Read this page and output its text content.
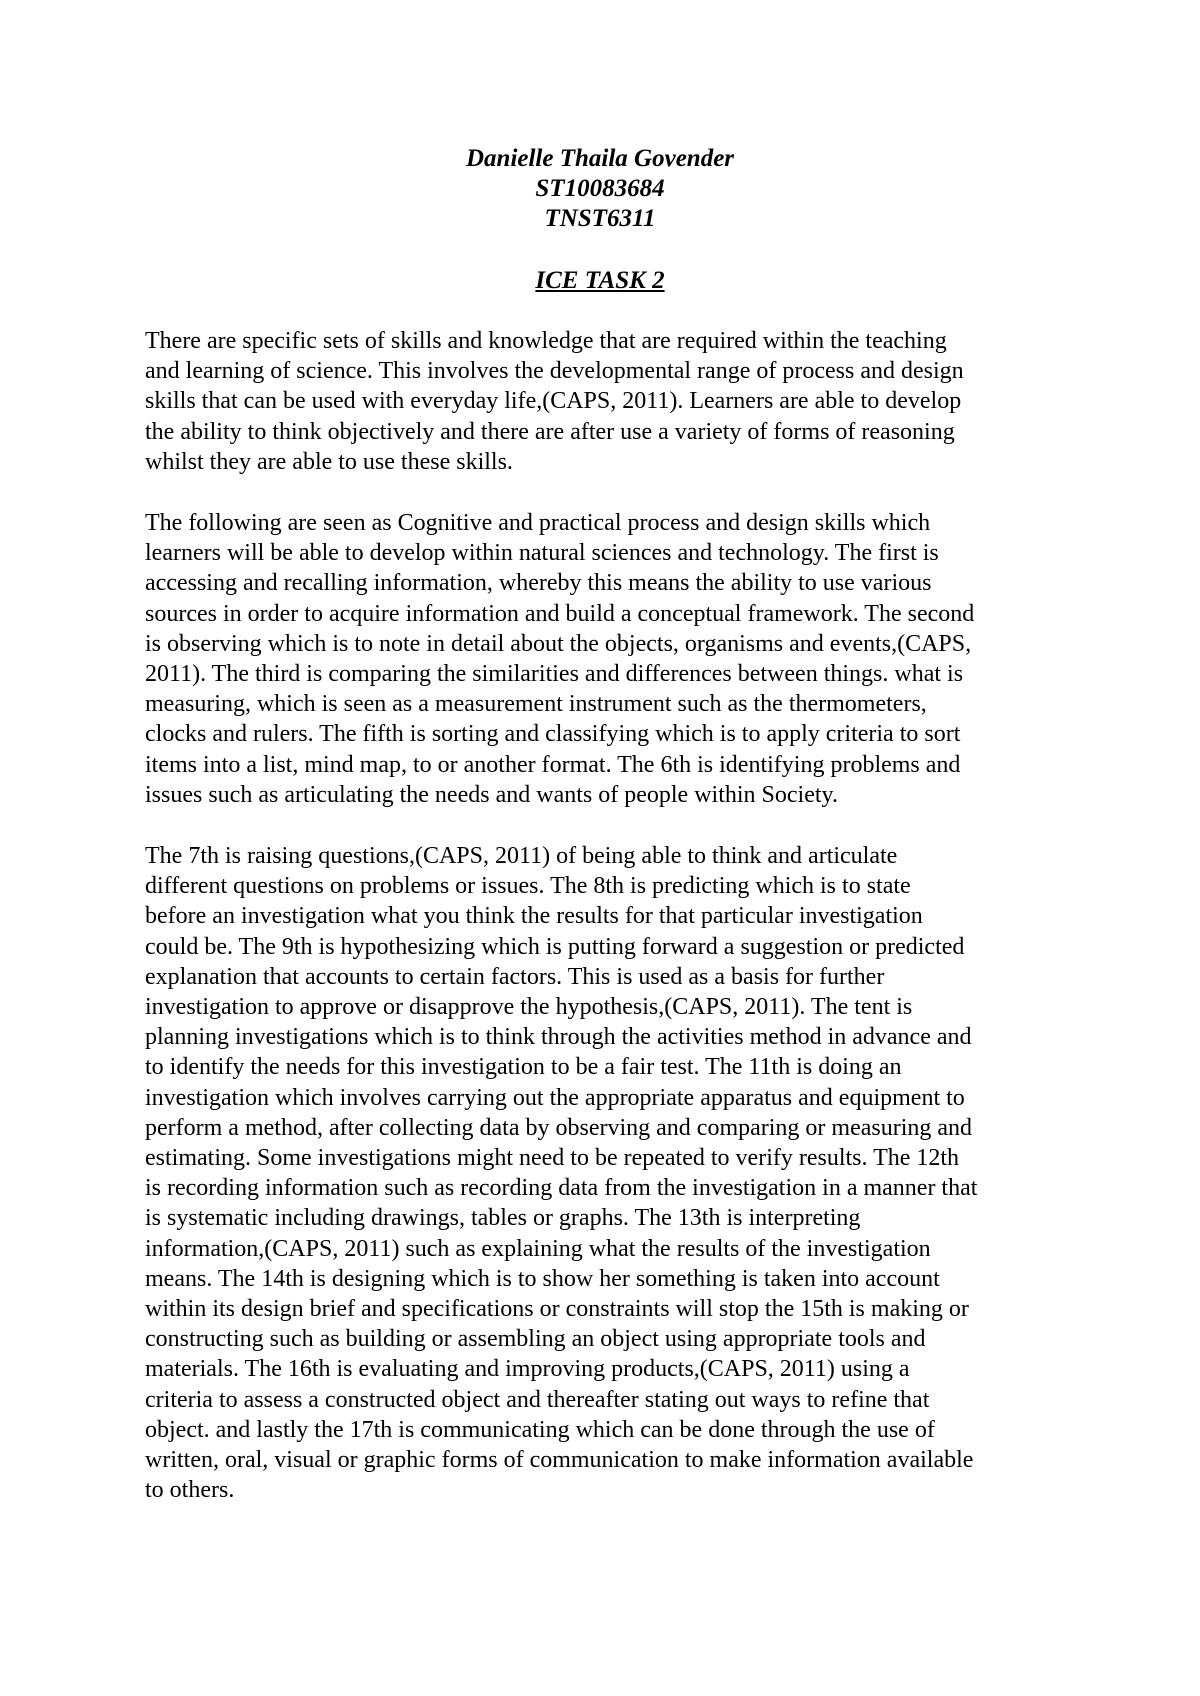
Danielle Thaila Govender
ST10083684
TNST6311
ICE TASK 2
There are specific sets of skills and knowledge that are required within the teaching
and learning of science. This involves the developmental range of process and design
skills that can be used with everyday life,(CAPS, 2011). Learners are able to develop
the ability to think objectively and there are after use a variety of forms of reasoning
whilst they are able to use these skills.
The following are seen as Cognitive and practical process and design skills which
learners will be able to develop within natural sciences and technology. The first is
accessing and recalling information, whereby this means the ability to use various
sources in order to acquire information and build a conceptual framework. The second
is observing which is to note in detail about the objects, organisms and events,(CAPS,
2011). The third is comparing the similarities and differences between things. what is
measuring, which is seen as a measurement instrument such as the thermometers,
clocks and rulers. The fifth is sorting and classifying which is to apply criteria to sort
items into a list, mind map, to or another format. The 6th is identifying problems and
issues such as articulating the needs and wants of people within Society.
The 7th is raising questions,(CAPS, 2011) of being able to think and articulate
different questions on problems or issues. The 8th is predicting which is to state
before an investigation what you think the results for that particular investigation
could be. The 9th is hypothesizing which is putting forward a suggestion or predicted
explanation that accounts to certain factors. This is used as a basis for further
investigation to approve or disapprove the hypothesis,(CAPS, 2011). The tent is
planning investigations which is to think through the activities method in advance and
to identify the needs for this investigation to be a fair test. The 11th is doing an
investigation which involves carrying out the appropriate apparatus and equipment to
perform a method, after collecting data by observing and comparing or measuring and
estimating. Some investigations might need to be repeated to verify results. The 12th
is recording information such as recording data from the investigation in a manner that
is systematic including drawings, tables or graphs. The 13th is interpreting
information,(CAPS, 2011) such as explaining what the results of the investigation
means. The 14th is designing which is to show her something is taken into account
within its design brief and specifications or constraints will stop the 15th is making or
constructing such as building or assembling an object using appropriate tools and
materials. The 16th is evaluating and improving products,(CAPS, 2011) using a
criteria to assess a constructed object and thereafter stating out ways to refine that
object. and lastly the 17th is communicating which can be done through the use of
written, oral, visual or graphic forms of communication to make information available
to others.
